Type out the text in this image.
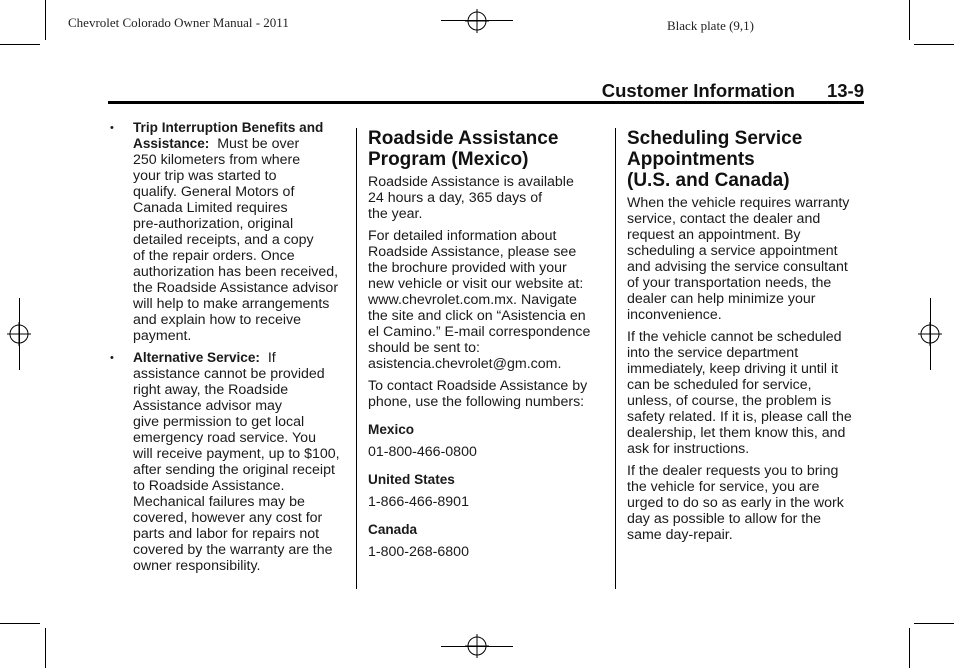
Chevrolet Colorado Owner Manual - 2011	Black plate (9,1)
Customer Information 13-9
•	Trip Interruption Benefits and Assistance: Must be over
250 kilometers from where
your trip was started to
qualify. General Motors of
Canada Limited requires
pre-authorization, original
detailed receipts, and a copy
of the repair orders. Once
authorization has been received,
the Roadside Assistance advisor
will help to make arrangements
and explain how to receive
payment.
•	Alternative Service: If
assistance cannot be provided
right away, the Roadside
Assistance advisor may
give permission to get local
emergency road service. You
will receive payment, up to $100,
after sending the original receipt
to Roadside Assistance.
Mechanical failures may be
covered, however any cost for
parts and labor for repairs not
covered by the warranty are the
owner responsibility.
Roadside Assistance
Program (Mexico)

Roadside Assistance is available
24 hours a day, 365 days of
the year.

For detailed information about
Roadside Assistance, please see
the brochure provided with your
new vehicle or visit our website at:
www.chevrolet.com.mx. Navigate
the site and click on “Asistencia en
el Camino.” E-mail correspondence
should be sent to:
asistencia.chevrolet@gm.com.

To contact Roadside Assistance by
phone, use the following numbers:

Mexico
01-800-466-0800
United States
1-866-466-8901
Canada
1-800-268-6800
Scheduling Service
Appointments
(U.S. and Canada)

When the vehicle requires warranty
service, contact the dealer and
request an appointment. By
scheduling a service appointment
and advising the service consultant
of your transportation needs, the
dealer can help minimize your
inconvenience.

If the vehicle cannot be scheduled
into the service department
immediately, keep driving it until it
can be scheduled for service,
unless, of course, the problem is
safety related. If it is, please call the
dealership, let them know this, and
ask for instructions.

If the dealer requests you to bring
the vehicle for service, you are
urged to do so as early in the work
day as possible to allow for the
same day-repair.
